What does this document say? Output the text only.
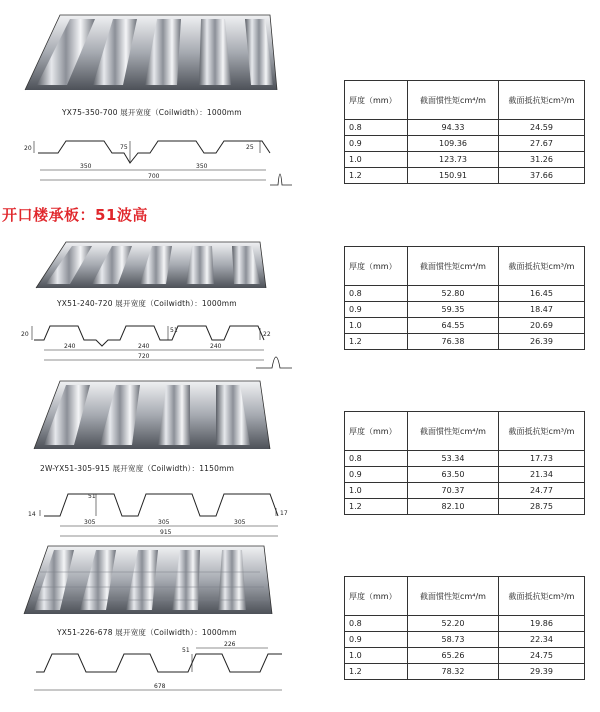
YX75-350-700 展开宽度（Coilwidth）：1000mm
20	75	25
350	350
700
厚度（mm）	截面惯性矩cm⁴/m	截面抵抗矩cm³/m
0.8	94.33	24.59
0.9	109.36	27.67
1.0	123.73	31.26
1.2	150.91	37.66
开口楼承板：51波高
YX51-240-720 展开宽度（Coilwidth）：1000mm
20
51
22
240	240	240
720
厚度（mm）	截面惯性矩cm⁴/m	截面抵抗矩cm³/m
0.8	52.80	16.45
0.9	59.35	18.47
1.0	64.55	20.69
1.2	76.38	26.39
2W-YX51-305-915 展开宽度（Coilwidth）：1150mm
14
51
17
305	305	305
915
厚度（mm）	截面惯性矩cm⁴/m	截面抵抗矩cm³/m
0.8	53.34	17.73
0.9	63.50	21.34
1.0	70.37	24.77
1.2	82.10	28.75
YX51-226-678 展开宽度（Coilwidth）：1000mm
51
226
678
厚度（mm）	截面惯性矩cm⁴/m	截面抵抗矩cm³/m
0.8	52.20	19.86
0.9	58.73	22.34
1.0	65.26	24.75
1.2	78.32	29.39
